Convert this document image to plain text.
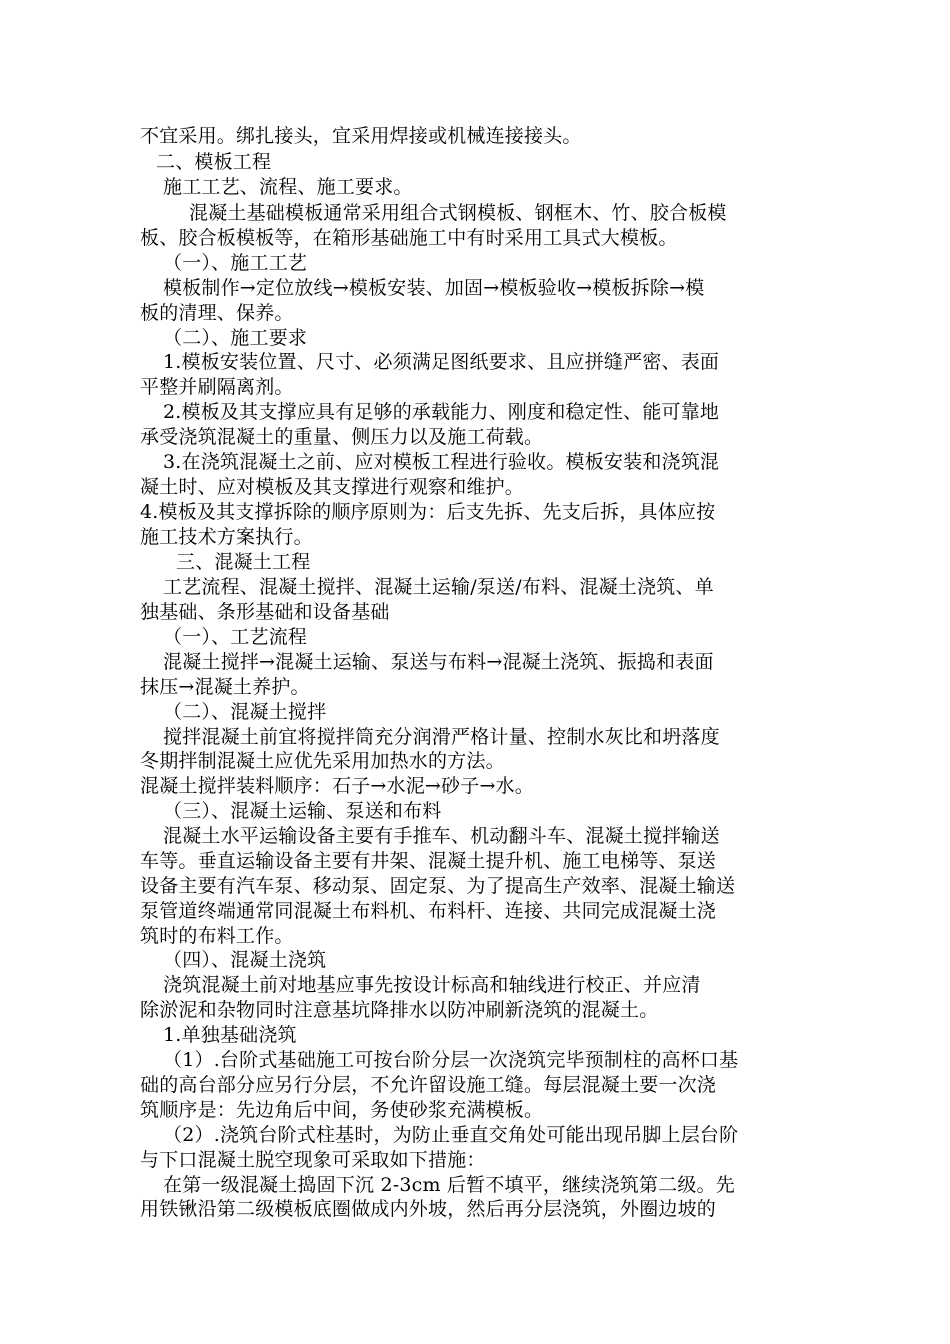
不宜采用。绑扎接头，宜采用焊接或机械连接接头。
二、模板工程
施工工艺、流程、施工要求。
混凝土基础模板通常采用组合式钢模板、钢框木、竹、胶合板模
板、胶合板模板等，在箱形基础施工中有时采用工具式大模板。
（一）、施工工艺
模板制作→定位放线→模板安装、加固→模板验收→模板拆除→模
板的清理、保养。
（二）、施工要求
1.模板安装位置、尺寸、必须满足图纸要求、且应拼缝严密、表面
平整并刷隔离剂。
2.模板及其支撑应具有足够的承载能力、刚度和稳定性、能可靠地
承受浇筑混凝土的重量、侧压力以及施工荷载。
3.在浇筑混凝土之前、应对模板工程进行验收。模板安装和浇筑混
凝土时、应对模板及其支撑进行观察和维护。
4.模板及其支撑拆除的顺序原则为：后支先拆、先支后拆，具体应按
施工技术方案执行。
三、混凝土工程
工艺流程、混凝土搅拌、混凝土运输/泵送/布料、混凝土浇筑、单
独基础、条形基础和设备基础
（一）、工艺流程
混凝土搅拌→混凝土运输、泵送与布料→混凝土浇筑、振捣和表面
抹压→混凝土养护。
（二）、混凝土搅拌
搅拌混凝土前宜将搅拌筒充分润滑严格计量、控制水灰比和坍落度
冬期拌制混凝土应优先采用加热水的方法。
混凝土搅拌装料顺序：石子→水泥→砂子→水。
（三）、混凝土运输、泵送和布料
混凝土水平运输设备主要有手推车、机动翻斗车、混凝土搅拌输送
车等。垂直运输设备主要有井架、混凝土提升机、施工电梯等、泵送
设备主要有汽车泵、移动泵、固定泵、为了提高生产效率、混凝土输送
泵管道终端通常同混凝土布料机、布料杆、连接、共同完成混凝土浇
筑时的布料工作。
（四）、混凝土浇筑
浇筑混凝土前对地基应事先按设计标高和轴线进行校正、并应清
除淤泥和杂物同时注意基坑降排水以防冲刷新浇筑的混凝土。
1.单独基础浇筑
（1）.台阶式基础施工可按台阶分层一次浇筑完毕预制柱的高杯口基
础的高台部分应另行分层，不允许留设施工缝。每层混凝土要一次浇
筑顺序是：先边角后中间，务使砂浆充满模板。
（2）.浇筑台阶式柱基时，为防止垂直交角处可能出现吊脚上层台阶
与下口混凝土脱空现象可采取如下措施：
在第一级混凝土捣固下沉 2-3cm 后暂不填平，继续浇筑第二级。先
用铁锹沿第二级模板底圈做成内外坡，然后再分层浇筑，外圈边坡的
